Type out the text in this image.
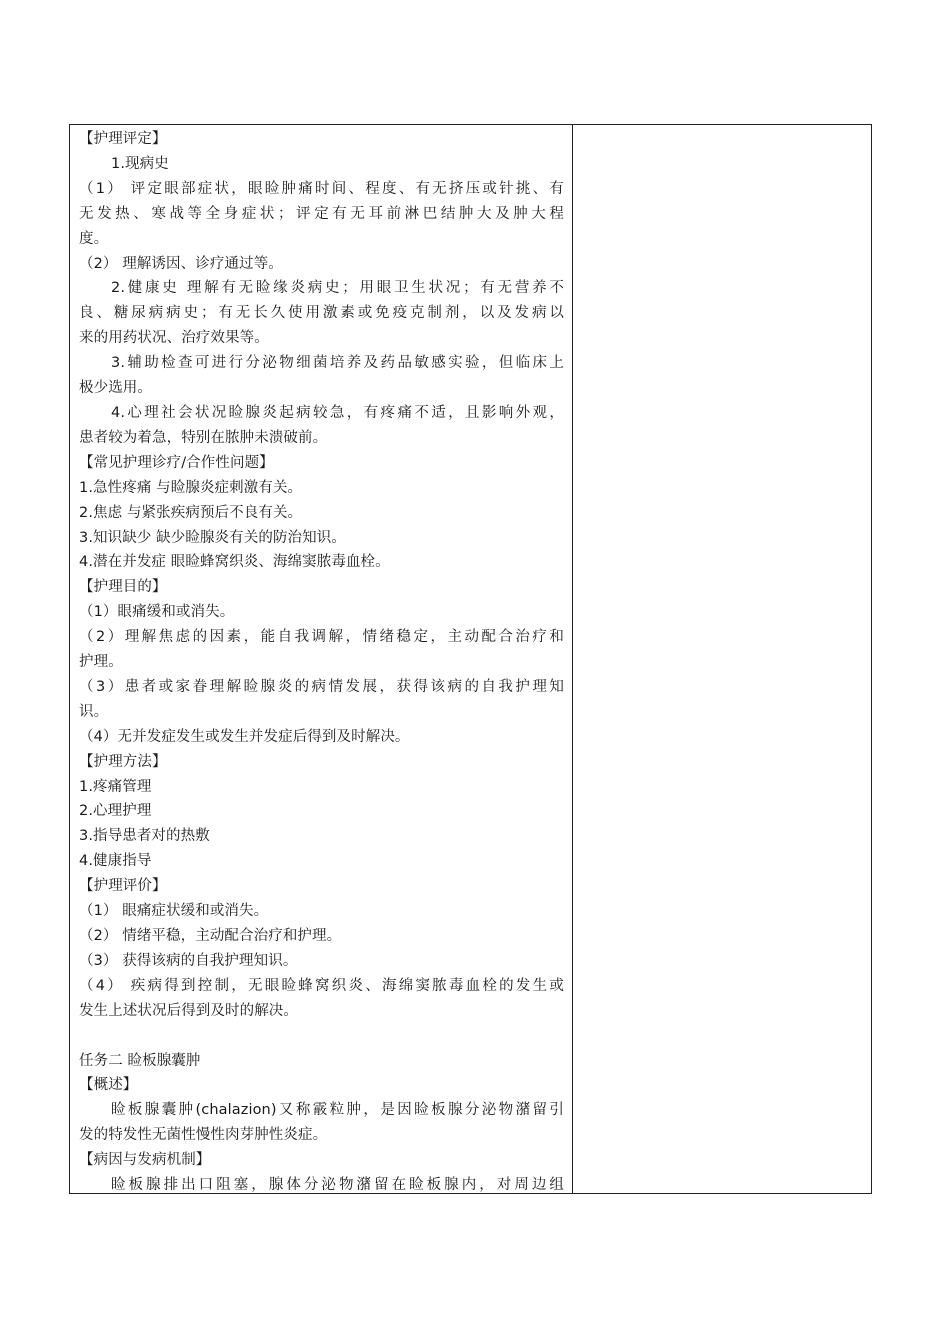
【护理评定】

1.现病史

（1） 评定眼部症状，眼睑肿痛时间、程度、有无挤压或针挑、有

无发热、寒战等全身症状；评定有无耳前淋巴结肿大及肿大程

度。

（2） 理解诱因、诊疗通过等。

2.健康史 理解有无睑缘炎病史；用眼卫生状况；有无营养不

良、糖尿病病史；有无长久使用激素或免疫克制剂，以及发病以

来的用药状况、治疗效果等。

3.辅助检查可进行分泌物细菌培养及药品敏感实验，但临床上

极少选用。

4.心理社会状况睑腺炎起病较急，有疼痛不适，且影响外观，

患者较为着急，特别在脓肿未溃破前。

【常见护理诊疗/合作性问题】

1.急性疼痛 与睑腺炎症刺激有关。

2.焦虑 与紧张疾病预后不良有关。

3.知识缺少 缺少睑腺炎有关的防治知识。

4.潜在并发症 眼睑蜂窝织炎、海绵窦脓毒血栓。

【护理目的】

（1）眼痛缓和或消失。

（2）理解焦虑的因素，能自我调解，情绪稳定，主动配合治疗和

护理。

（3）患者或家眷理解睑腺炎的病情发展，获得该病的自我护理知

识。

（4）无并发症发生或发生并发症后得到及时解决。

【护理方法】

1.疼痛管理

2.心理护理

3.指导患者对的热敷

4.健康指导

【护理评价】

（1） 眼痛症状缓和或消失。

（2） 情绪平稳，主动配合治疗和护理。

（3） 获得该病的自我护理知识。

（4） 疾病得到控制，无眼睑蜂窝织炎、海绵窦脓毒血栓的发生或

发生上述状况后得到及时的解决。

任务二 睑板腺囊肿

【概述】

睑板腺囊肿(chalazion)又称霰粒肿，是因睑板腺分泌物潴留引

发的特发性无菌性慢性肉芽肿性炎症。

【病因与发病机制】

睑板腺排出口阻塞，腺体分泌物潴留在睑板腺内，对周边组
